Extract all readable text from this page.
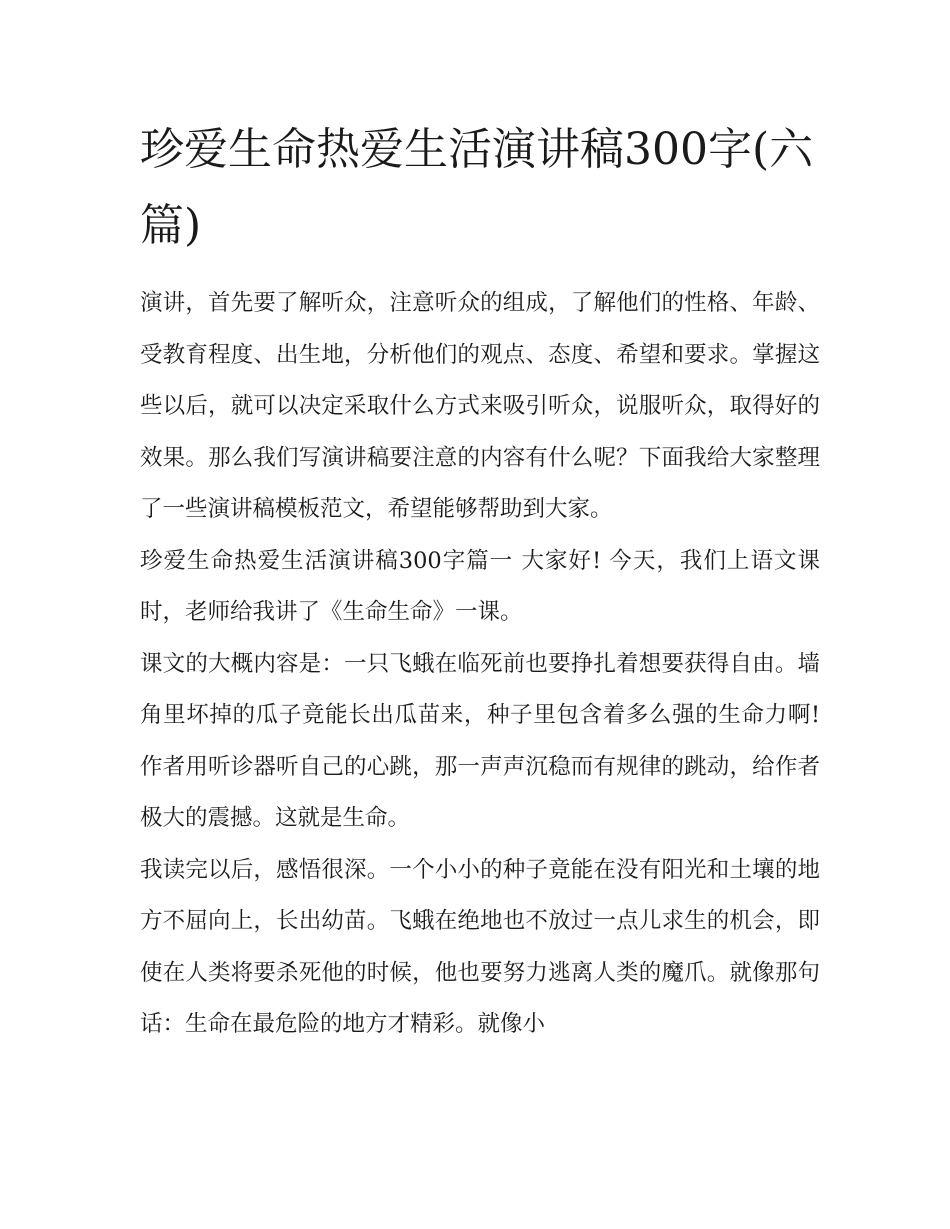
珍爱生命热爱生活演讲稿300字(六篇)

演讲，首先要了解听众，注意听众的组成，了解他们的性格、年龄、受教育程度、出生地，分析他们的观点、态度、希望和要求。掌握这些以后，就可以决定采取什么方式来吸引听众，说服听众，取得好的效果。那么我们写演讲稿要注意的内容有什么呢？下面我给大家整理了一些演讲稿模板范文，希望能够帮助到大家。

珍爱生命热爱生活演讲稿300字篇一 大家好! 今天，我们上语文课时，老师给我讲了《生命生命》一课。

课文的大概内容是：一只飞蛾在临死前也要挣扎着想要获得自由。墙角里坏掉的瓜子竟能长出瓜苗来，种子里包含着多么强的生命力啊!作者用听诊器听自己的心跳，那一声声沉稳而有规律的跳动，给作者极大的震撼。这就是生命。

我读完以后，感悟很深。一个小小的种子竟能在没有阳光和土壤的地方不屈向上，长出幼苗。飞蛾在绝地也不放过一点儿求生的机会，即使在人类将要杀死他的时候，他也要努力逃离人类的魔爪。就像那句话：生命在最危险的地方才精彩。就像小
